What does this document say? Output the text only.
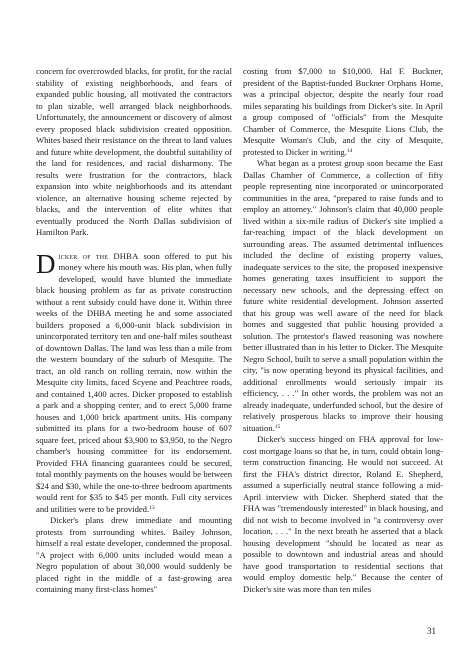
concern for overcrowded blacks, for profit, for the racial stability of existing neighborhoods, and fears of expanded public housing, all motivated the contractors to plan sizable, well arranged black neighborhoods. Unfortunately, the announcement or discovery of almost every proposed black subdivision created opposition. Whites based their resistance on the threat to land values and future white development, the doubtful suitability of the land for residences, and racial disharmony. The results were frustration for the contractors, black expansion into white neighborhoods and its attendant violence, an alternative housing scheme rejected by blacks, and the intervention of elite whites that eventually produced the North Dallas subdivision of Hamilton Park.

Dicker of the DHBA soon offered to put his money where his mouth was. His plan, when fully developed, would have blunted the immediate black housing problem as far as private construction without a rent subsidy could have done it. Within three weeks of the DHBA meeting he and some associated builders proposed a 6,000-unit black subdivision in unincorporated territory ten and one-half miles southeast of downtown Dallas. The land was less than a mile from the western boundary of the suburb of Mesquite. The tract, an old ranch on rolling terrain, now within the Mesquite city limits, faced Scyene and Peachtree roads, and contained 1,400 acres. Dicker proposed to establish a park and a shopping center, and to erect 5,000 frame houses and 1,000 brick apartment units. His company submitted its plans for a two-bedroom house of 607 square feet, priced about $3,900 to $3,950, to the Negro chamber's housing committee for its endorsement. Provided FHA financing guarantees could be secured, total monthly payments on the houses would be between $24 and $30, while the one-to-three bedroom apartments would rent for $35 to $45 per month. Full city services and utilities were to be provided.$^{13}$

Dicker's plans drew immediate and mounting protests from surrounding whites. Bailey Johnson, himself a real estate developer, condemned the proposal. "A project with 6,000 units included would mean a Negro population of about 30,000 would suddenly be placed right in the middle of a fast-growing area containing many first-class homes"

costing from $7,000 to $10,000. Hal F. Buckner, president of the Baptist-funded Buckner Orphans Home, was a principal objector, despite the nearly four road miles separating his buildings from Dicker's site. In April a group composed of "officials" from the Mesquite Chamber of Commerce, the Mesquite Lions Club, the Mesquite Woman's Club, and the city of Mesquite, protested to Dicker in writing.$^{14}$

What began as a protest group soon became the East Dallas Chamber of Commerce, a collection of fifty people representing nine incorporated or unincorporated communities in the area, "prepared to raise funds and to employ an attorney." Johnson's claim that 40,000 people lived within a six-mile radius of Dicker's site implied a far-reaching impact of the black development on surrounding areas. The assumed detrimental influences included the decline of existing property values, inadequate services to the site, the proposed inexpensive homes generating taxes insufficient to support the necessary new schools, and the depressing effect on future white residential development. Johnson asserted that his group was well aware of the need for black homes and suggested that public housing provided a solution. The protestor's flawed reasoning was nowhere better illustrated than in his letter to Dicker. The Mesquite Negro School, built to serve a small population within the city, "is now operating beyond its physical facilities, and additional enrollments would seriously impair its efficiency, . . ." In other words, the problem was not an already inadequate, underfunded school, but the desire of relatively prosperous blacks to improve their housing situation.$^{15}$

Dicker's success hinged on FHA approval for low-cost mortgage loans so that he, in turn, could obtain long-term construction financing. He would not succeed. At first the FHA's district director, Roland E. Shepherd, assumed a superficially neutral stance following a mid-April interview with Dicker. Shepherd stated that the FHA was "tremendously interested" in black housing, and did not wish to become involved in "a controversy over location, . . ." In the next breath he asserted that a black housing development "should be located as near as possible to downtown and industrial areas and should have good transportation to residential sections that would employ domestic help." Because the center of Dicker's site was more than ten miles

31
